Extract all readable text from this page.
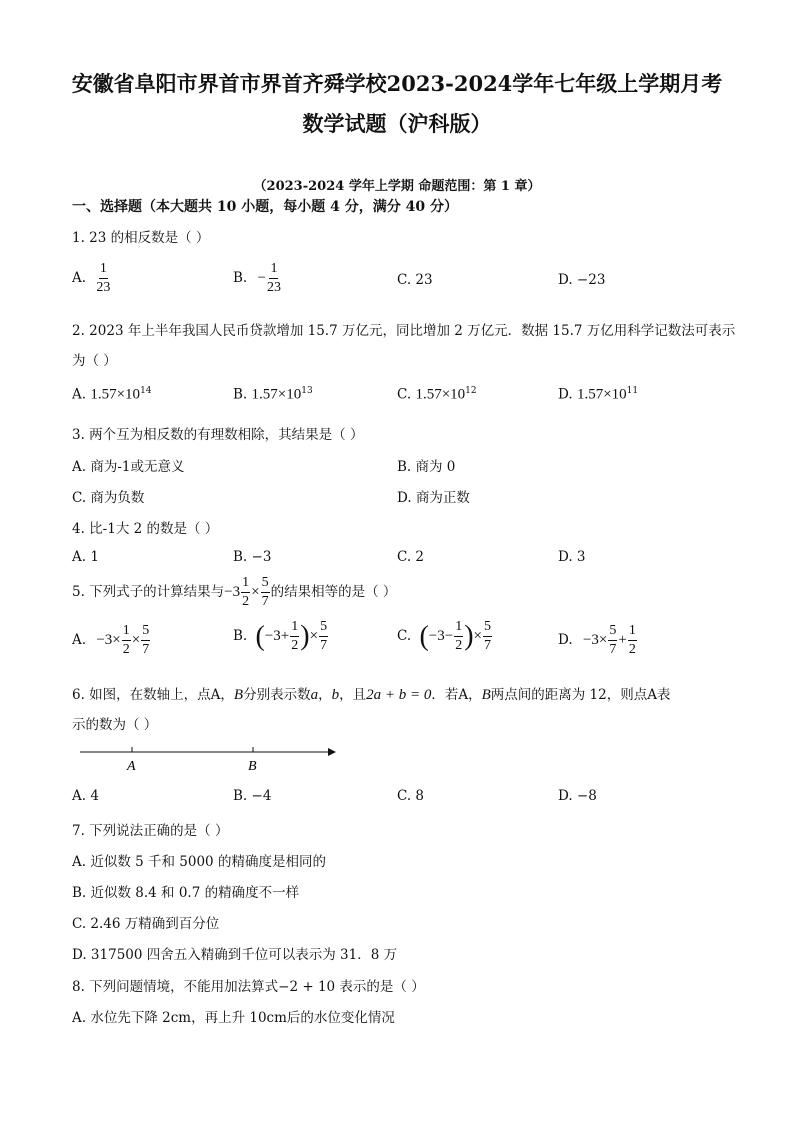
安徽省阜阳市界首市界首齐舜学校2023-2024学年七年级上学期月考
数学试题（沪科版）
（2023-2024 学年上学期 命题范围：第 1 章）
一、选择题（本大题共 10 小题，每小题 4 分，满分 40 分）
1. 23 的相反数是（ ）
A. $\frac{1}{23}$	B. − $\frac{1}{23}$	C. 23	D. −23
2. 2023 年上半年我国人民币贷款增加 15.7 万亿元，同比增加 2 万亿元．数据 15.7 万亿用科学记数法可表示
为（ ）
A. $1.57\times 10^{14}$	B. $1.57\times 10^{13}$	C. $1.57\times 10^{12}$	D. $1.57\times 10^{11}$
3. 两个互为相反数的有理数相除，其结果是（ ）
A. 商为-1或无意义	B. 商为 0
C. 商为负数	D. 商为正数
4. 比-1大 2 的数是（ ）
A. 1	B. −3	C. 2	D. 3
5. 下列式子的计算结果与$-3 \frac{1}{2} \times \frac{5}{7}$ 的结果相等的是（ ）
A. $-3\times \frac{1}{2} \times \frac{5}{7}$	B. ($-3+ \frac{1}{2}$ )× $\frac{5}{7}$	C. ($-3- \frac{1}{2}$ )× $\frac{5}{7}$	D. $-3\times \frac{5}{7} + \frac{1}{2}$
6. 如图，在数轴上，点A，B分别表示数a，b，且2a + b = 0．若A，B两点间的距离为 12，则点A表
示的数为（ ）
A	B
A. 4	B. −4	C. 8	D. −8
7. 下列说法正确的是（ ）
A. 近似数 5 千和 5000 的精确度是相同的
B. 近似数 8.4 和 0.7 的精确度不一样
C. 2.46 万精确到百分位
D. 317500 四舍五入精确到千位可以表示为 31．8 万
8. 下列问题情境，不能用加法算式−2 + 10 表示的是（ ）
A. 水位先下降 2cm，再上升 10cm后的水位变化情况
